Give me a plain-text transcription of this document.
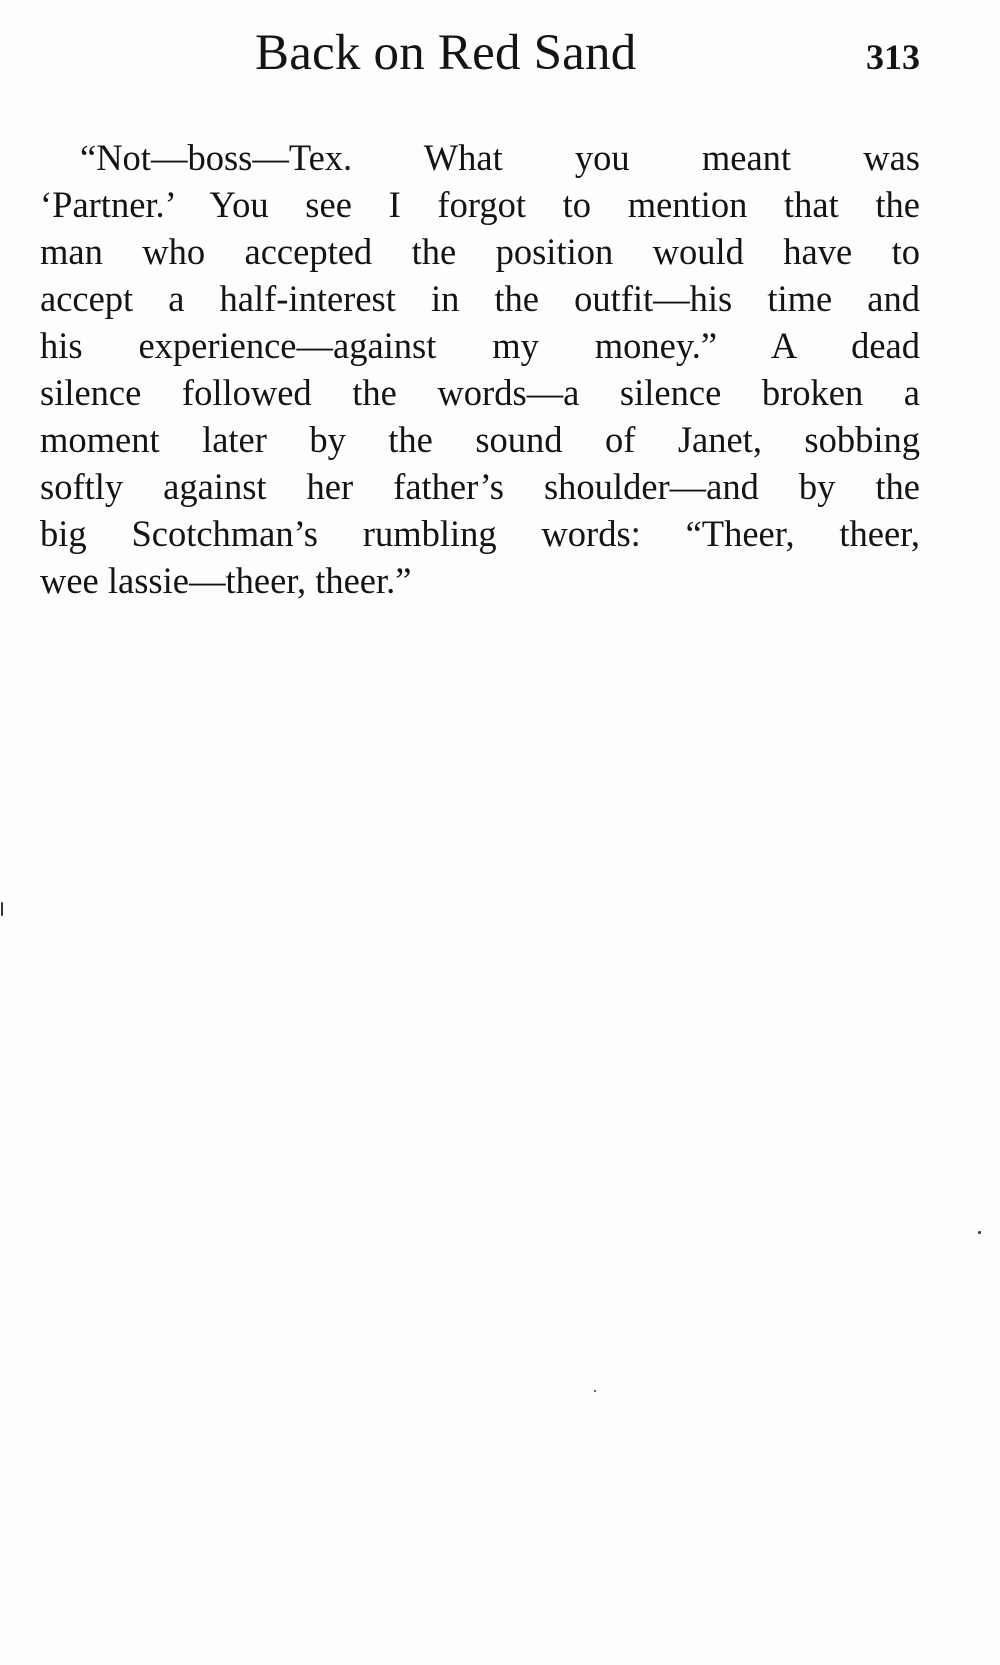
Back on Red Sand	313
“Not—boss—Tex. What you meant was
‘Partner.’ You see I forgot to mention that the
man who accepted the position would have to
accept a half-interest in the outfit—his time and
his experience—against my money.” A dead
silence followed the words—a silence broken a
moment later by the sound of Janet, sobbing
softly against her father’s shoulder—and by the
big Scotchman’s rumbling words: “Theer, theer,
wee lassie—theer, theer.”
